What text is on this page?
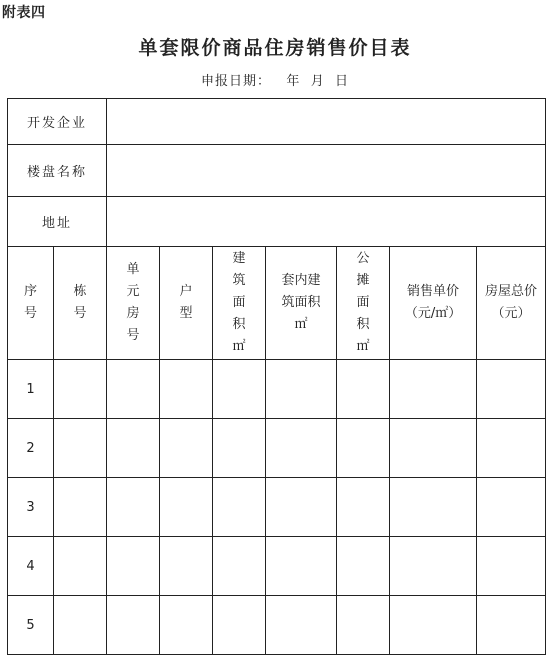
附表四
单套限价商品住房销售价目表
申报日期： 年 月 日
开发企业								
楼盘名称								
地址								
序号	栋号	单元房号	户型	建筑面积㎡	套内建筑面积㎡	公摊面积㎡	销售单价（元/㎡）	房屋总价（元）

1								
2								
3								
4								
5								
